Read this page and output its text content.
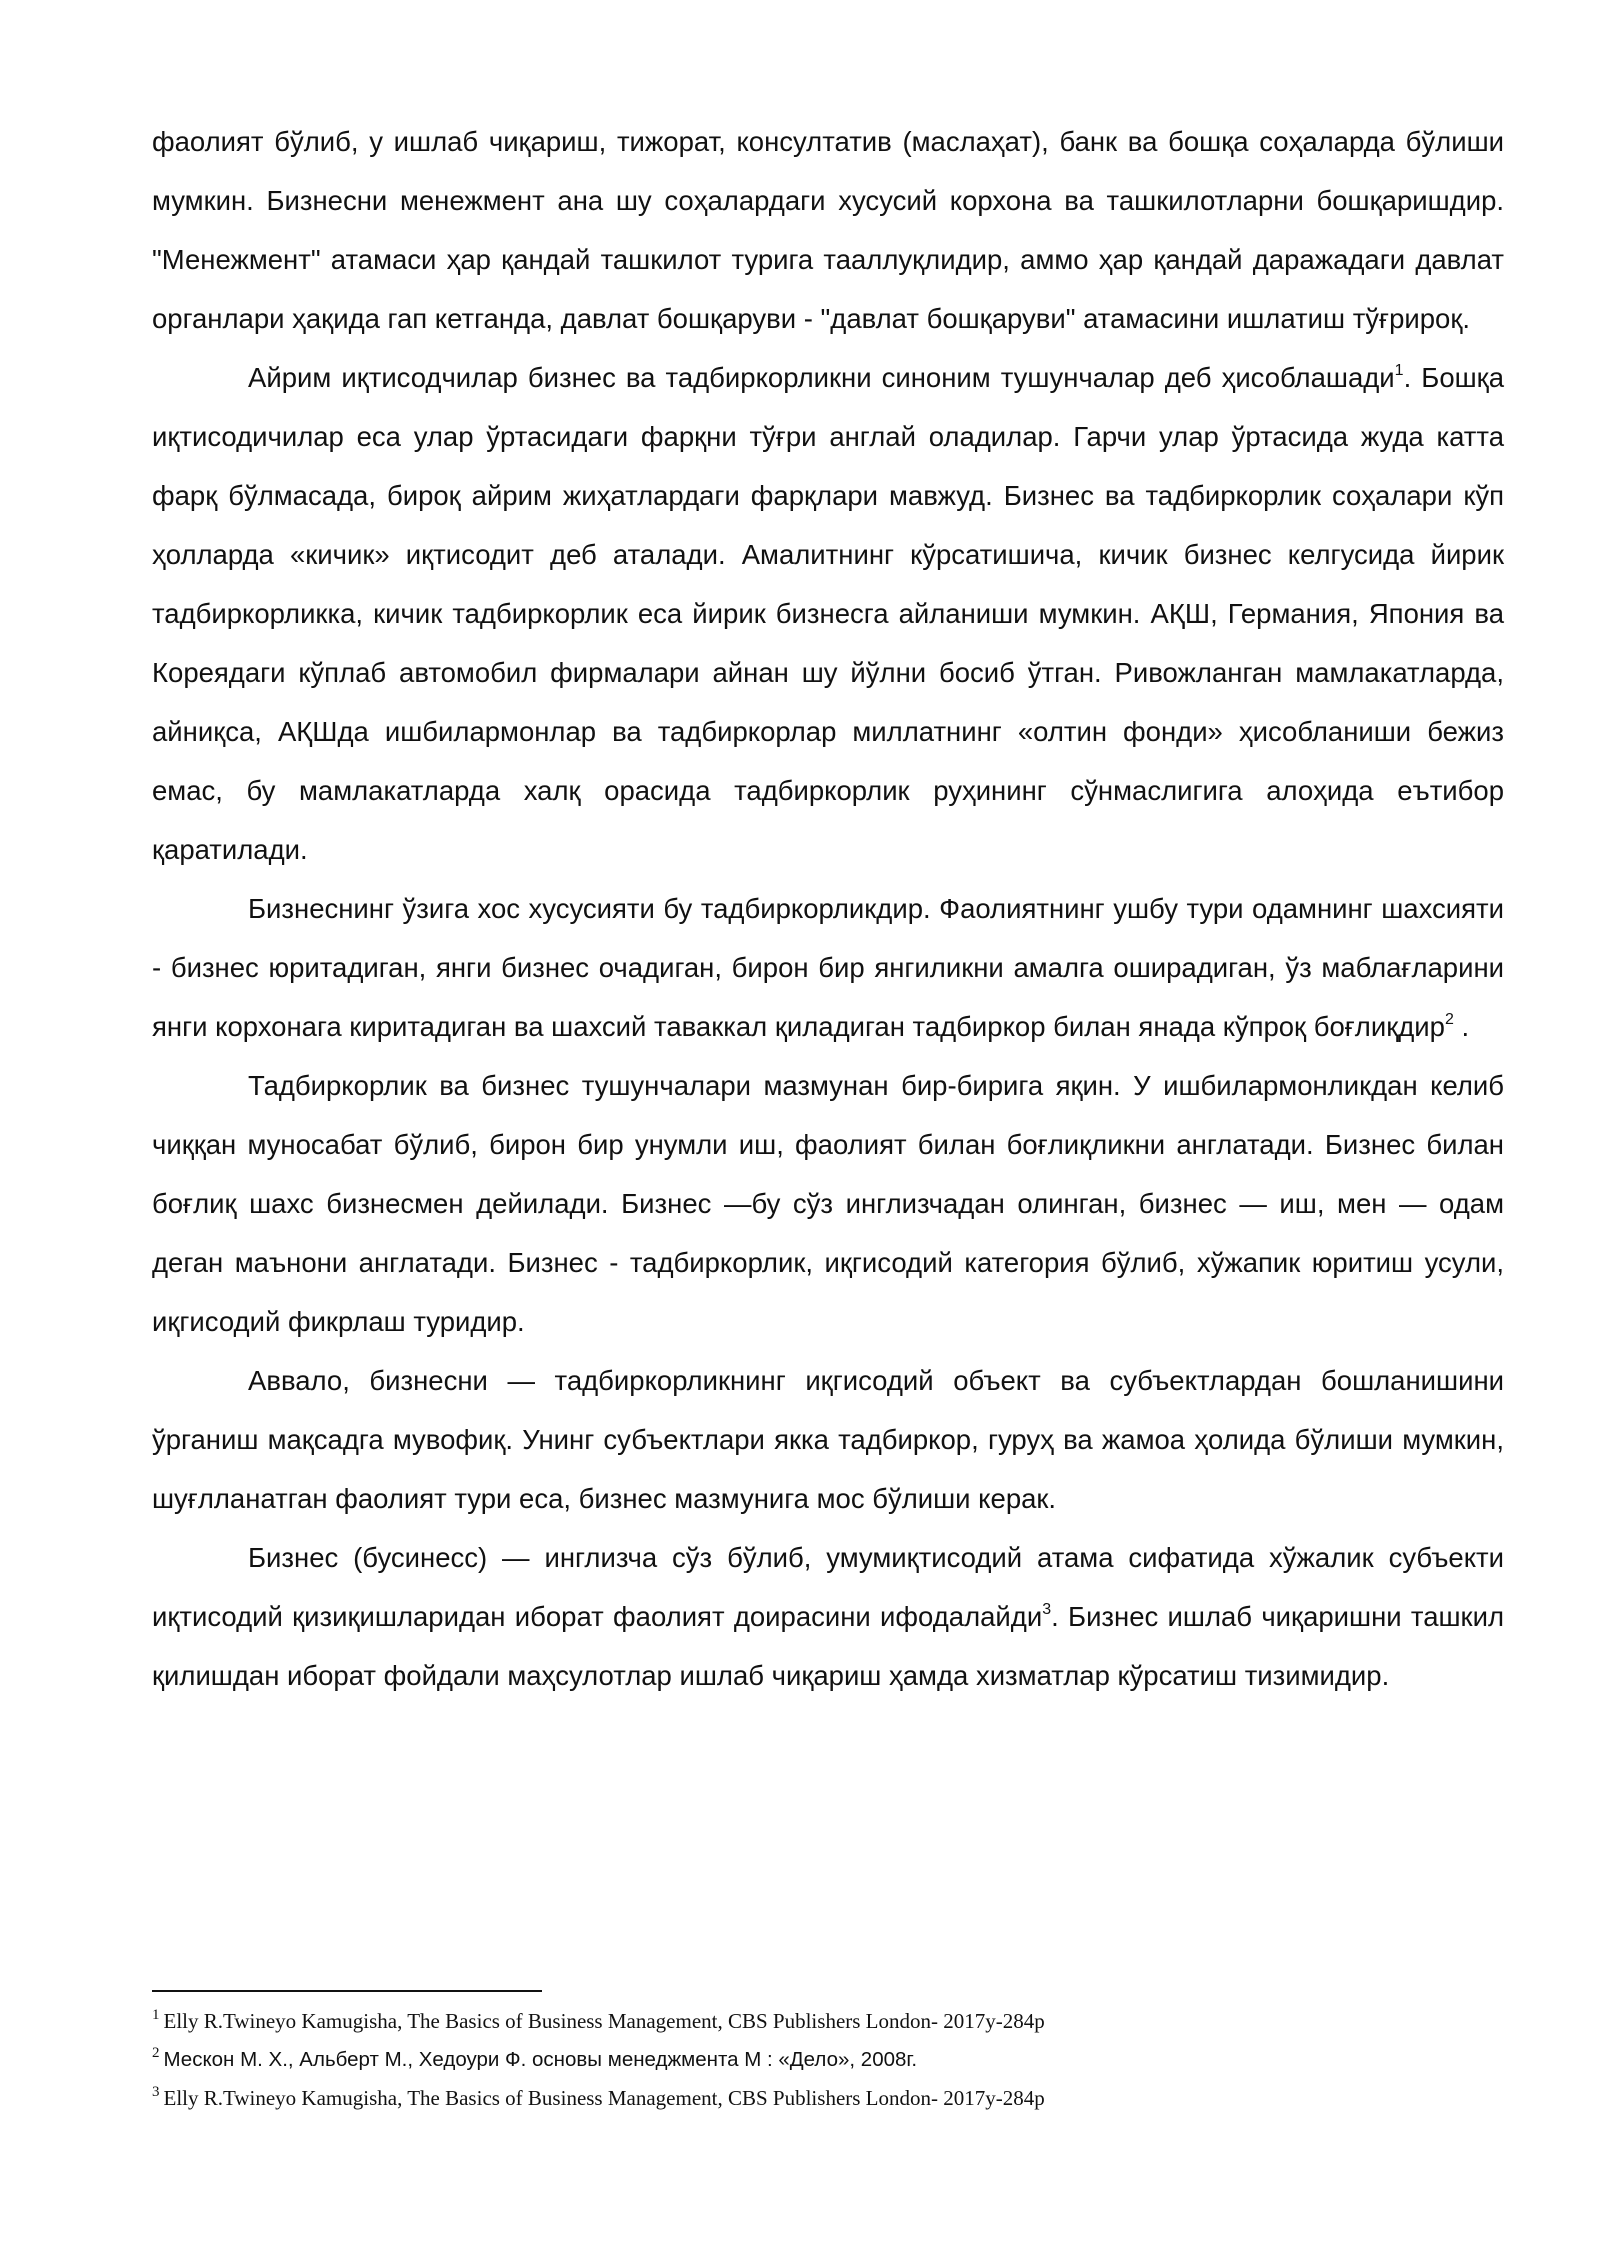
фаолият бўлиб, у ишлаб чиқариш, тижорат, консултатив (маслаҳат), банк ва бошқа соҳаларда бўлиши мумкин. Бизнесни менежмент ана шу соҳалардаги хусусий корхона ва ташкилотларни бошқаришдир. "Менежмент" атамаси ҳар қандай ташкилот турига тааллуқлидир, аммо ҳар қандай даражадаги давлат органлари ҳақида гап кетганда, давлат бошқаруви - "давлат бошқаруви" атамасини ишлатиш тўғрироқ.

Айрим иқтисодчилар бизнес ва тадбиркорликни синоним тушунчалар деб ҳисоблашади$^1$. Бошқа иқтисодичилар еса улар ўртасидаги фарқни тўғри англай оладилар. Гарчи улар ўртасида жуда катта фарқ бўлмасада, бироқ айрим жиҳатлардаги фарқлари мавжуд. Бизнес ва тадбиркорлик соҳалари кўп ҳолларда «кичик» иқтисодит деб аталади. Амалитнинг кўрсатишича, кичик бизнес келгусида йирик тадбиркорликка, кичик тадбиркорлик еса йирик бизнесга айланиши мумкин. АҚШ, Германия, Япония ва Кореядаги кўплаб автомобил фирмалари айнан шу йўлни босиб ўтган. Ривожланган мамлакатларда, айниқса, АҚШда ишбилармонлар ва тадбиркорлар миллатнинг «олтин фонди» ҳисобланиши бежиз емас, бу мамлакатларда халқ орасида тадбиркорлик руҳининг сўнмаслигига алоҳида еътибор қаратилади.

Бизнеснинг ўзига хос хусусияти бу тадбиркорликдир. Фаолиятнинг ушбу тури одамнинг шахсияти - бизнес юритадиган, янги бизнес очадиган, бирон бир янгиликни амалга оширадиган, ўз маблағларини янги корхонага киритадиган ва шахсий таваккал қиладиган тадбиркор билан янада кўпроқ боғлиқдир$^2$ .

Тадбиркорлик ва бизнес тушунчалари мазмунан бир-бирига яқин. У ишбилармонликдан келиб чиққан муносабат бўлиб, бирон бир унумли иш, фаолият билан боғлиқликни англатади. Бизнес билан боғлиқ шахс бизнесмен дейилади. Бизнес —бу сўз инглизчадан олинган, бизнес — иш, мен — одам деган маънони англатади. Бизнес - тадбиркорлик, иқгисодий категория бўлиб, хўжапик юритиш усули, иқгисодий фикрлаш туридир.

Аввало, бизнесни — тадбиркорликнинг иқгисодий объект ва субъектлардан бошланишини ўрганиш мақсадга мувофиқ. Унинг субъектлари якка тадбиркор, гуруҳ ва жамоа ҳолида бўлиши мумкин, шуғлланатган фаолият тури еса, бизнес мазмунига мос бўлиши керак.

Бизнес (бусинесс) — инглизча сўз бўлиб, умумиқтисодий атама сифатида хўжалик субъекти иқтисодий қизиқишларидан иборат фаолият доирасини ифодалайди$^3$. Бизнес ишлаб чиқаришни ташкил қилишдан иборат фойдали маҳсулотлар ишлаб чиқариш ҳамда хизматлар кўрсатиш тизимидир.

$^1$ Elly R.Twineyo Kamugisha, The Basics of Business Management, CBS Publishers London- 2017y-284p

$^2$ Мескон М. Х., Альберт М., Хедоури Ф. основы менеджмента М : «Дело», 2008г.

$^3$ Elly R.Twineyo Kamugisha, The Basics of Business Management, CBS Publishers London- 2017y-284p
